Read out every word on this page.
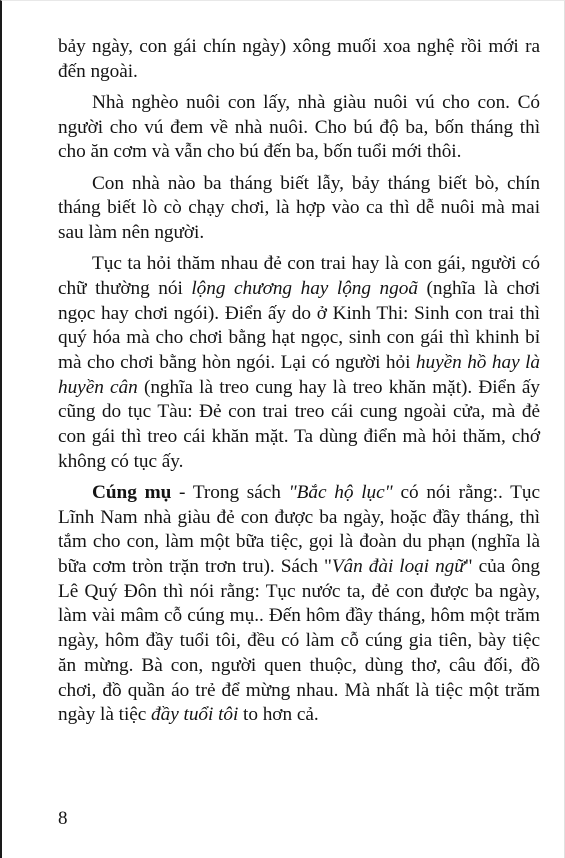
bảy ngày, con gái chín ngày) xông muối xoa nghệ rồi mới ra đến ngoài.

Nhà nghèo nuôi con lấy, nhà giàu nuôi vú cho con. Có người cho vú đem về nhà nuôi. Cho bú độ ba, bốn tháng thì cho ăn cơm và vẫn cho bú đến ba, bốn tuổi mới thôi.

Con nhà nào ba tháng biết lẫy, bảy tháng biết bò, chín tháng biết lò cò chạy chơi, là hợp vào ca thì dễ nuôi mà mai sau làm nên người.

Tục ta hỏi thăm nhau đẻ con trai hay là con gái, người có chữ thường nói lộng chương hay lộng ngoã (nghĩa là chơi ngọc hay chơi ngói). Điển ấy do ở Kinh Thi: Sinh con trai thì quý hóa mà cho chơi bằng hạt ngọc, sinh con gái thì khinh bỉ mà cho chơi bằng hòn ngói. Lại có người hỏi huyền hồ hay là huyền cân (nghĩa là treo cung hay là treo khăn mặt). Điển ấy cũng do tục Tàu: Đẻ con trai treo cái cung ngoài cửa, mà đẻ con gái thì treo cái khăn mặt. Ta dùng điển mà hỏi thăm, chớ không có tục ấy.

Cúng mụ - Trong sách "Bắc hộ lục" có nói rằng:. Tục Lĩnh Nam nhà giàu đẻ con được ba ngày, hoặc đầy tháng, thì tắm cho con, làm một bữa tiệc, gọi là đoàn du phạn (nghĩa là bữa cơm tròn trặn trơn tru). Sách "Vân đài loại ngữ" của ông Lê Quý Đôn thì nói rằng: Tục nước ta, đẻ con được ba ngày, làm vài mâm cỗ cúng mụ.. Đến hôm đầy tháng, hôm một trăm ngày, hôm đầy tuổi tôi, đều có làm cỗ cúng gia tiên, bày tiệc ăn mừng. Bà con, người quen thuộc, dùng thơ, câu đối, đồ chơi, đồ quần áo trẻ để mừng nhau. Mà nhất là tiệc một trăm ngày là tiệc đầy tuổi tôi to hơn cả.

8
